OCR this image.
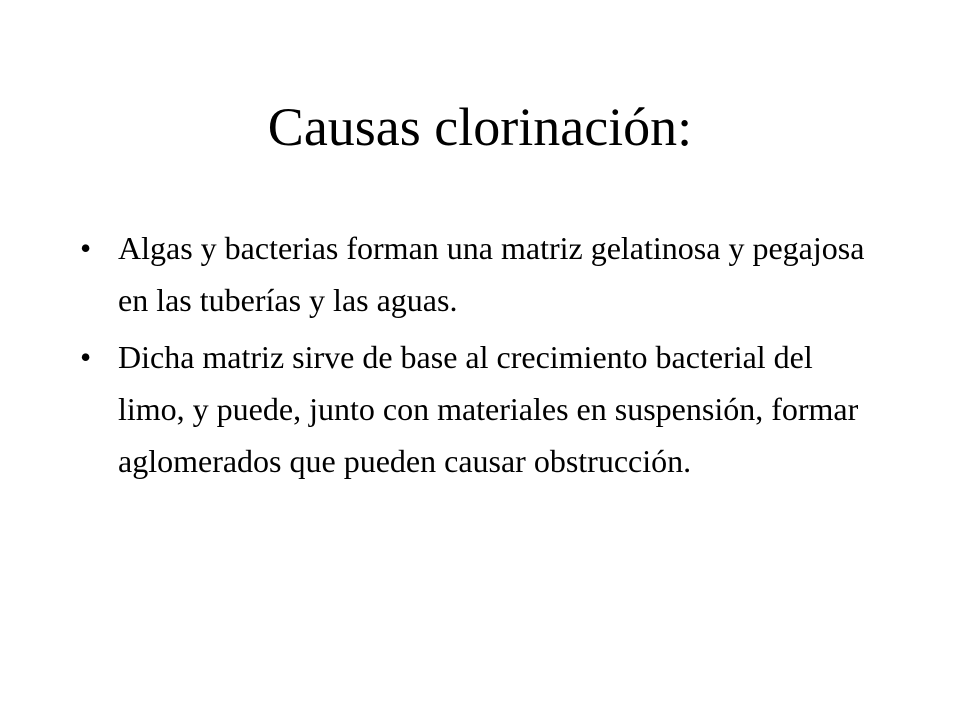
Causas clorinación:
• Algas y bacterias forman una matriz gelatinosa y pegajosa en las tuberías y las aguas.
• Dicha matriz sirve de base al crecimiento bacterial del limo, y puede, junto con materiales en suspensión, formar aglomerados que pueden causar obstrucción.
